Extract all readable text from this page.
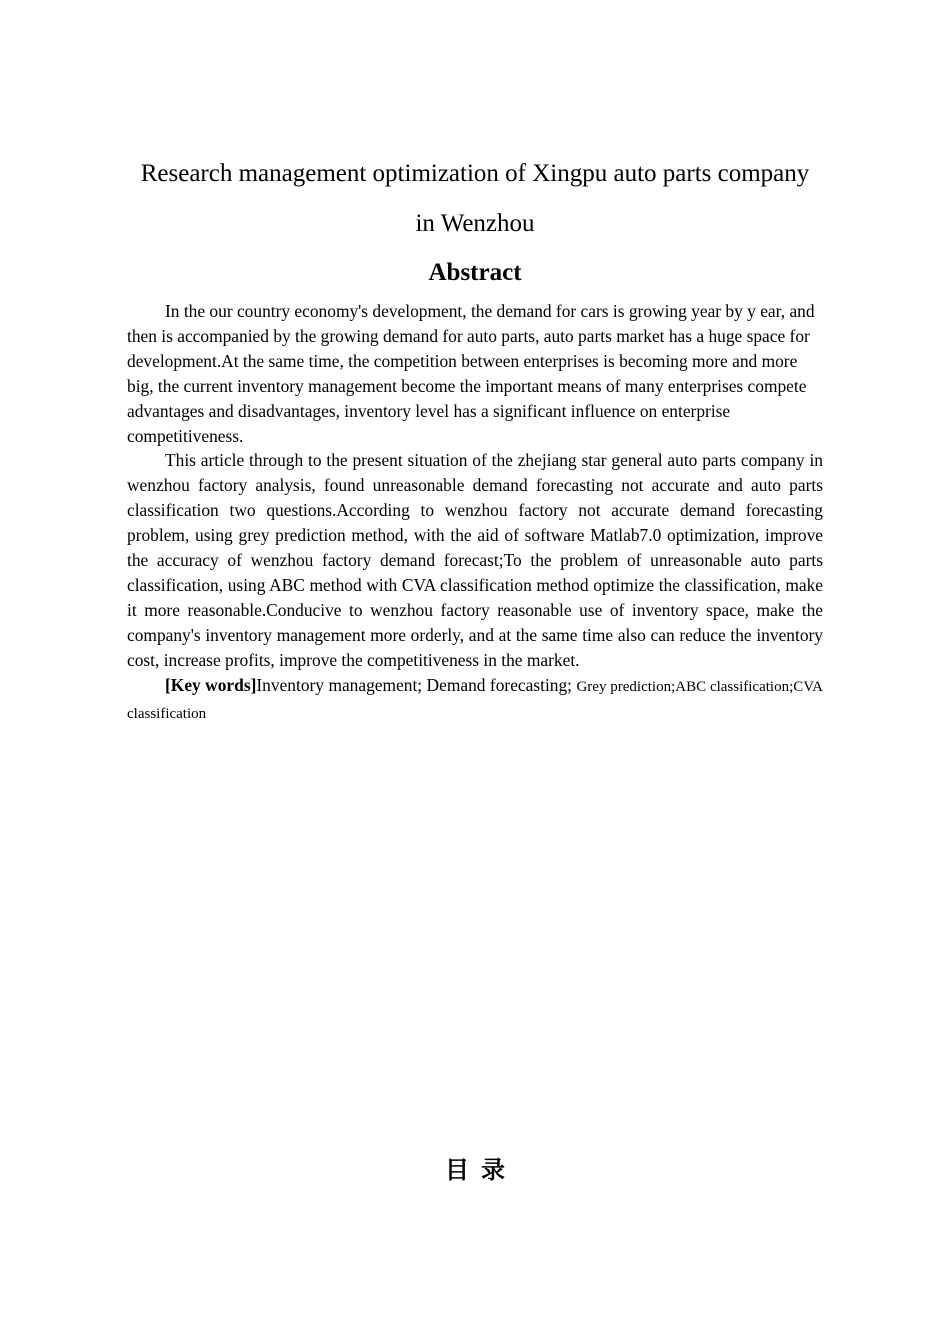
Research management optimization of Xingpu auto parts company
in Wenzhou
Abstract

In the our country economy's development, the demand for cars is growing year by y ear, and then is accompanied by the growing demand for auto parts, auto parts market has a huge space for development.At the same time, the competition between enterprises is becoming more and more big, the current inventory management become the important means of many enterprises compete advantages and disadvantages, inventory level has a significant influence on enterprise competitiveness.

This article through to the present situation of the zhejiang star general auto parts company in wenzhou factory analysis, found unreasonable demand forecasting not accurate and auto parts classification two questions.According to wenzhou factory not accurate demand forecasting problem, using grey prediction method, with the aid of software Matlab7.0 optimization, improve the accuracy of wenzhou factory demand forecast;To the problem of unreasonable auto parts classification, using ABC method with CVA classification method optimize the classification, make it more reasonable.Conducive to wenzhou factory reasonable use of inventory space, make the company's inventory management more orderly, and at the same time also can reduce the inventory cost, increase profits, improve the competitiveness in the market.

[Key words]Inventory management; Demand forecasting; Grey prediction;ABC classification;CVA classification

目录
